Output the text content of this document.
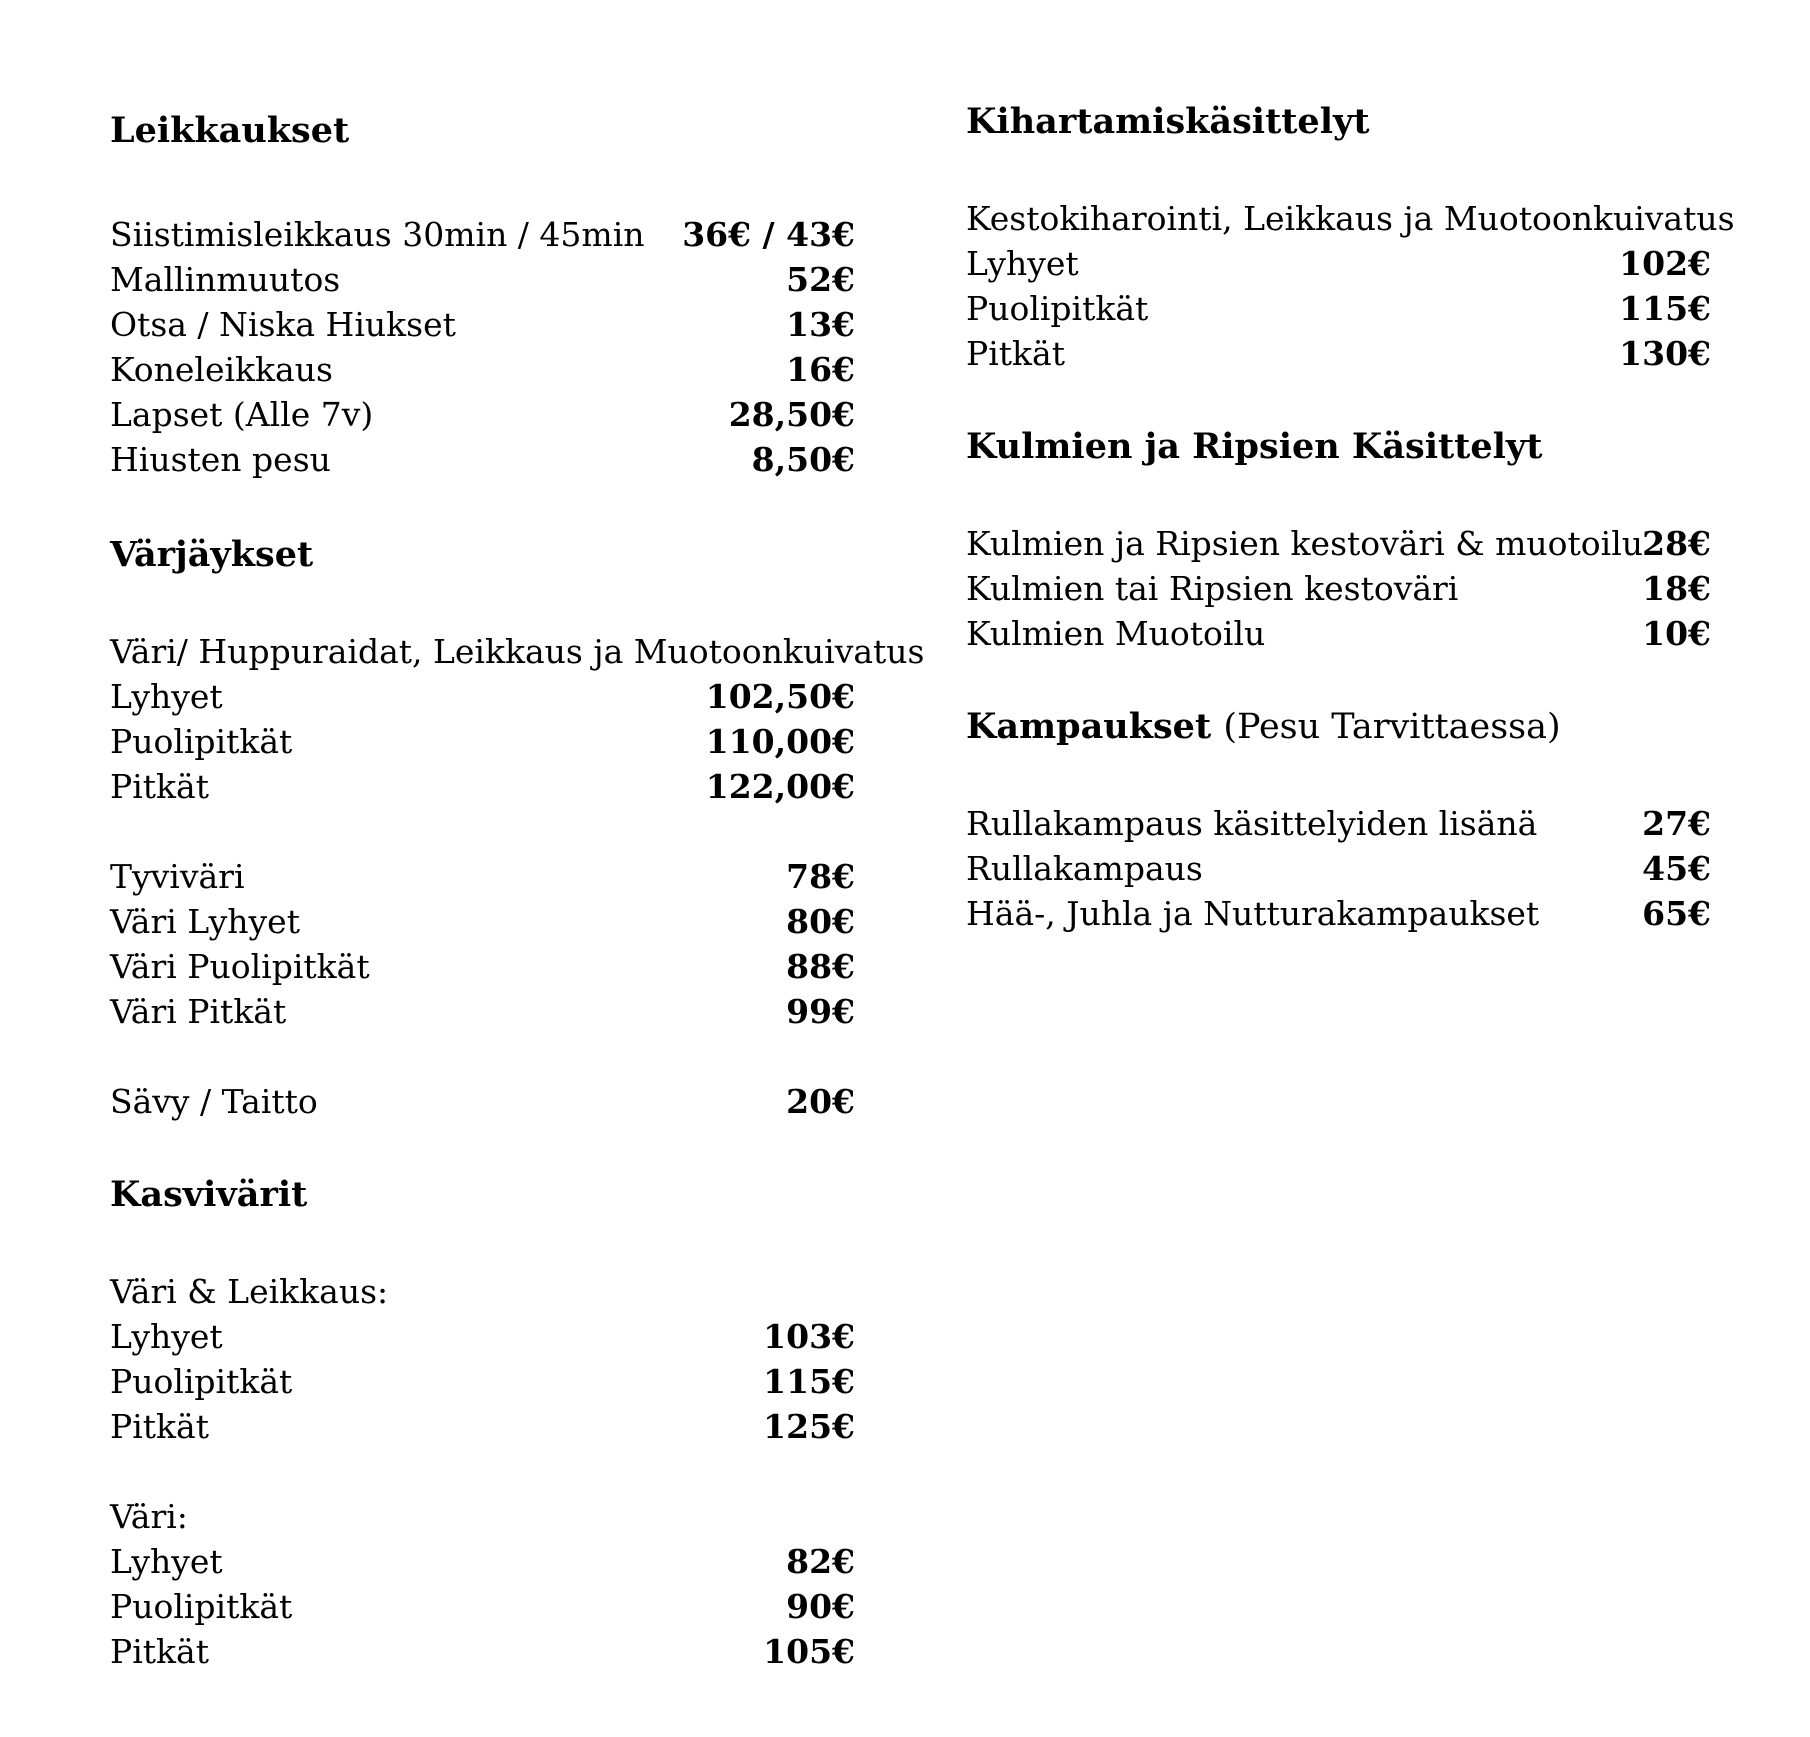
Leikkaukset
Siistimisleikkaus 30min / 45min 36€ / 43€
Mallinmuutos	52€
Otsa / Niska Hiukset	13€
Koneleikkaus	16€
Lapset (Alle 7v)	28,50€
Hiusten pesu	8,50€
Värjäykset
Väri/ Huppuraidat, Leikkaus ja Muotoonkuivatus
Lyhyet	102,50€
Puolipitkät	110,00€
Pitkät	122,00€
Tyviväri	78€
Väri Lyhyet	80€
Väri Puolipitkät	88€
Väri Pitkät	99€
Sävy / Taitto	20€
Kasvivärit
Väri & Leikkaus:
Lyhyet	103€
Puolipitkät	115€
Pitkät	125€
Väri:
Lyhyet	82€
Puolipitkät	90€
Pitkät	105€
Kihartamiskäsittelyt
Kestokiharointi, Leikkaus ja Muotoonkuivatus
Lyhyet	102€
Puolipitkät	115€
Pitkät	130€
Kulmien ja Ripsien Käsittelyt
Kulmien ja Ripsien kestoväri & muotoilu 28€
Kulmien tai Ripsien kestoväri	18€
Kulmien Muotoilu	10€
Kampaukset (Pesu Tarvittaessa)
Rullakampaus käsittelyiden lisänä	27€
Rullakampaus	45€
Hää-, Juhla ja Nutturakampaukset	65€
